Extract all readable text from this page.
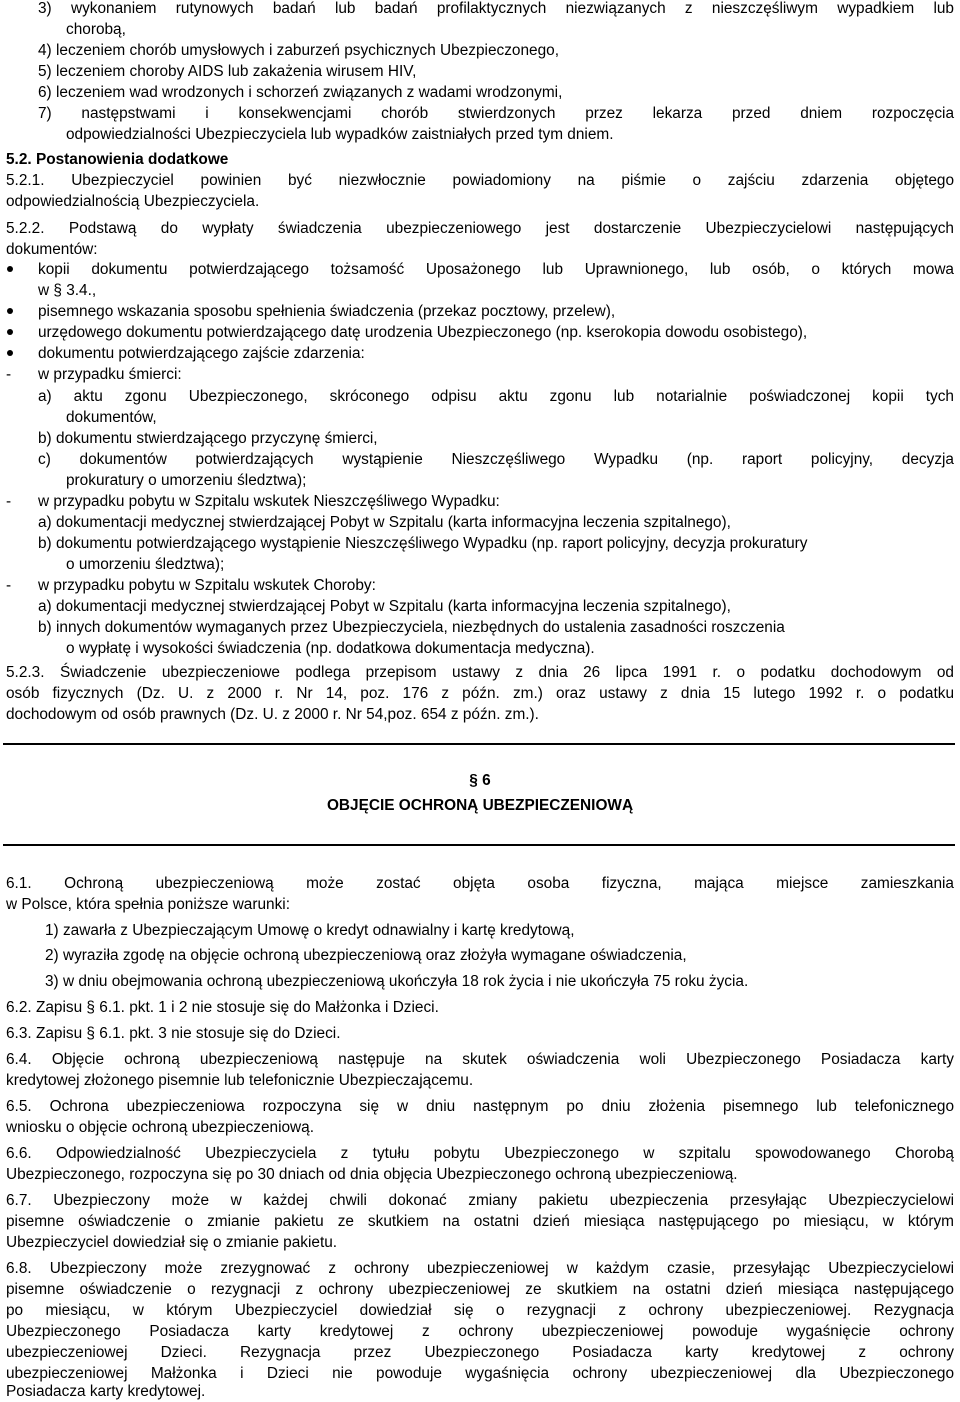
3) wykonaniem rutynowych badań lub badań profilaktycznych niezwiązanych z nieszczęśliwym wypadkiem lub
chorobą,
4) leczeniem chorób umysłowych i zaburzeń psychicznych Ubezpieczonego,
5) leczeniem choroby AIDS lub zakażenia wirusem HIV,
6) leczeniem wad wrodzonych i schorzeń związanych z wadami wrodzonymi,
7) następstwami i konsekwencjami chorób stwierdzonych przez lekarza przed dniem rozpoczęcia
odpowiedzialności Ubezpieczyciela lub wypadków zaistniałych przed tym dniem.
5.2. Postanowienia dodatkowe
5.2.1. Ubezpieczyciel powinien być niezwłocznie powiadomiony na piśmie o zajściu zdarzenia objętego
odpowiedzialnością Ubezpieczyciela.
5.2.2. Podstawą do wypłaty świadczenia ubezpieczeniowego jest dostarczenie Ubezpieczycielowi następujących
dokumentów:
kopii dokumentu potwierdzającego tożsamość Uposażonego lub Uprawnionego, lub osób, o których mowa
w § 3.4.,
pisemnego wskazania sposobu spełnienia świadczenia (przekaz pocztowy, przelew),
urzędowego dokumentu potwierdzającego datę urodzenia Ubezpieczonego (np. kserokopia dowodu osobistego),
dokumentu potwierdzającego zajście zdarzenia:
-	w przypadku śmierci:
a) aktu zgonu Ubezpieczonego, skróconego odpisu aktu zgonu lub notarialnie poświadczonej kopii tych
dokumentów,
b) dokumentu stwierdzającego przyczynę śmierci,
c) dokumentów potwierdzających wystąpienie Nieszczęśliwego Wypadku (np. raport policyjny, decyzja
prokuratury o umorzeniu śledztwa);
-	w przypadku pobytu w Szpitalu wskutek Nieszczęśliwego Wypadku:
a) dokumentacji medycznej stwierdzającej Pobyt w Szpitalu (karta informacyjna leczenia szpitalnego),
b) dokumentu potwierdzającego wystąpienie Nieszczęśliwego Wypadku (np. raport policyjny, decyzja prokuratury
o umorzeniu śledztwa);
-	w przypadku pobytu w Szpitalu wskutek Choroby:
a) dokumentacji medycznej stwierdzającej Pobyt w Szpitalu (karta informacyjna leczenia szpitalnego),
b) innych dokumentów wymaganych przez Ubezpieczyciela, niezbędnych do ustalenia zasadności roszczenia
o wypłatę i wysokości świadczenia (np. dodatkowa dokumentacja medyczna).
5.2.3. Świadczenie ubezpieczeniowe podlega przepisom ustawy z dnia 26 lipca 1991 r. o podatku dochodowym od
osób fizycznych (Dz. U. z 2000 r. Nr 14, poz. 176 z późn. zm.) oraz ustawy z dnia 15 lutego 1992 r. o podatku
dochodowym od osób prawnych (Dz. U. z 2000 r. Nr 54,poz. 654 z późn. zm.).
§ 6
OBJĘCIE OCHRONĄ UBEZPIECZENIOWĄ
6.1. Ochroną ubezpieczeniową może zostać objęta osoba fizyczna, mająca miejsce zamieszkania
w Polsce, która spełnia poniższe warunki:
1) zawarła z Ubezpieczającym Umowę o kredyt odnawialny i kartę kredytową,
2) wyraziła zgodę na objęcie ochroną ubezpieczeniową oraz złożyła wymagane oświadczenia,
3) w dniu obejmowania ochroną ubezpieczeniową ukończyła 18 rok życia i nie ukończyła 75 roku życia.
6.2. Zapisu § 6.1. pkt. 1 i 2 nie stosuje się do Małżonka i Dzieci.
6.3. Zapisu § 6.1. pkt. 3 nie stosuje się do Dzieci.
6.4. Objęcie ochroną ubezpieczeniową następuje na skutek oświadczenia woli Ubezpieczonego Posiadacza karty
kredytowej złożonego pisemnie lub telefonicznie Ubezpieczającemu.
6.5. Ochrona ubezpieczeniowa rozpoczyna się w dniu następnym po dniu złożenia pisemnego lub telefonicznego
wniosku o objęcie ochroną ubezpieczeniową.
6.6. Odpowiedzialność Ubezpieczyciela z tytułu pobytu Ubezpieczonego w szpitalu spowodowanego Chorobą
Ubezpieczonego, rozpoczyna się po 30 dniach od dnia objęcia Ubezpieczonego ochroną ubezpieczeniową.
6.7. Ubezpieczony może w każdej chwili dokonać zmiany pakietu ubezpieczenia przesyłając Ubezpieczycielowi
pisemne oświadczenie o zmianie pakietu ze skutkiem na ostatni dzień miesiąca następującego po miesiącu, w którym
Ubezpieczyciel dowiedział się o zmianie pakietu.
6.8. Ubezpieczony może zrezygnować z ochrony ubezpieczeniowej w każdym czasie, przesyłając Ubezpieczycielowi
pisemne oświadczenie o rezygnacji z ochrony ubezpieczeniowej ze skutkiem na ostatni dzień miesiąca następującego
po miesiącu, w którym Ubezpieczyciel dowiedział się o rezygnacji z ochrony ubezpieczeniowej. Rezygnacja
Ubezpieczonego Posiadacza karty kredytowej z ochrony ubezpieczeniowej powoduje wygaśnięcie ochrony
ubezpieczeniowej Dzieci. Rezygnacja przez Ubezpieczonego Posiadacza karty kredytowej z ochrony
ubezpieczeniowej Małżonka i Dzieci nie powoduje wygaśnięcia ochrony ubezpieczeniowej dla Ubezpieczonego
Posiadacza karty kredytowej.
